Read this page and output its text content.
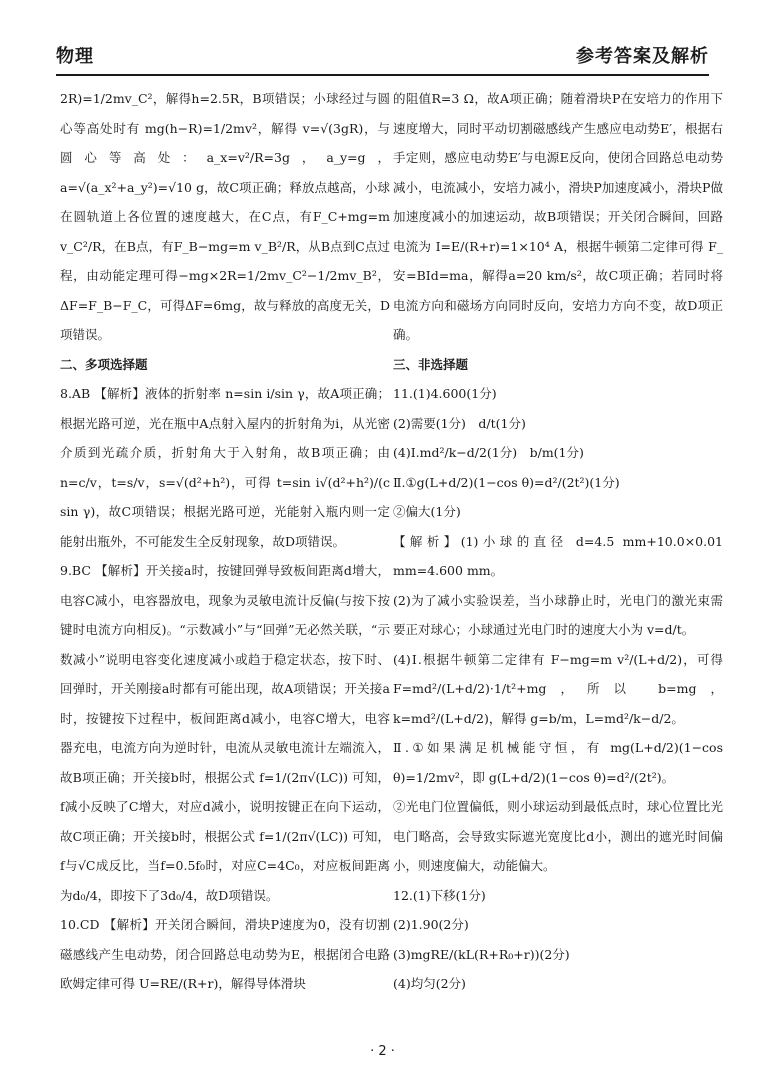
物理	参考答案及解析

2R)=1/2mv_C²，解得h=2.5R，B项错误；小球经过与圆心等高处时有 mg(h−R)=1/2mv²，解得 v=√(3gR)，与圆心等高处：a_x=v²/R=3g，a_y=g，a=√(a_x²+a_y²)=√10 g，故C项正确；释放点越高，小球在圆轨道上各位置的速度越大，在C点，有F_C+mg=m v_C²/R，在B点，有F_B−mg=m v_B²/R，从B点到C点过程，由动能定理可得−mg×2R=1/2mv_C²−1/2mv_B²，ΔF=F_B−F_C，可得ΔF=6mg，故与释放的高度无关，D项错误。

二、多项选择题

8.AB 【解析】液体的折射率 n=sin i/sin γ，故A项正确；根据光路可逆，光在瓶中A点射入屋内的折射角为i，从光密介质到光疏介质，折射角大于入射角，故B项正确；由 n=c/v，t=s/v，s=√(d²+h²)，可得 t=sin i√(d²+h²)/(c sin γ)，故C项错误；根据光路可逆，光能射入瓶内则一定能射出瓶外，不可能发生全反射现象，故D项错误。

9.BC 【解析】开关接a时，按键回弹导致板间距离d增大，电容C减小，电容器放电，现象为灵敏电流计反偏(与按下按键时电流方向相反)。“示数减小”与“回弹”无必然关联，“示数减小”说明电容变化速度减小或趋于稳定状态，按下时、回弹时，开关刚接a时都有可能出现，故A项错误；开关接a时，按键按下过程中，板间距离d减小，电容C增大，电容器充电，电流方向为逆时针，电流从灵敏电流计左端流入，故B项正确；开关接b时，根据公式 f=1/(2π√(LC)) 可知，f减小反映了C增大，对应d减小，说明按键正在向下运动，故C项正确；开关接b时，根据公式 f=1/(2π√(LC)) 可知，f与√C成反比，当f=0.5f₀时，对应C=4C₀，对应板间距离为d₀/4，即按下了3d₀/4，故D项错误。

10.CD 【解析】开关闭合瞬间，滑块P速度为0，没有切割磁感线产生电动势，闭合回路总电动势为E，根据闭合电路欧姆定律可得 U=RE/(R+r)，解得导体滑块

的阻值R=3 Ω，故A项正确；随着滑块P在安培力的作用下速度增大，同时平动切割磁感线产生感应电动势E′，根据右手定则，感应电动势E′与电源E反向，使闭合回路总电动势减小，电流减小，安培力减小，滑块P加速度减小，滑块P做加速度减小的加速运动，故B项错误；开关闭合瞬间，回路电流为 I=E/(R+r)=1×10⁴ A，根据牛顿第二定律可得 F_安=BId=ma，解得a=20 km/s²，故C项正确；若同时将电流方向和磁场方向同时反向，安培力方向不变，故D项正确。

三、非选择题

11.(1)4.600(1分)

(2)需要(1分)　d/t(1分)

(4)Ⅰ.md²/k−d/2(1分)　b/m(1分)

Ⅱ.①g(L+d/2)(1−cos θ)=d²/(2t²)(1分)

②偏大(1分)

【解析】(1)小球的直径 d=4.5 mm+10.0×0.01 mm=4.600 mm。

(2)为了减小实验误差，当小球静止时，光电门的激光束需要正对球心；小球通过光电门时的速度大小为 v=d/t。

(4)Ⅰ.根据牛顿第二定律有 F−mg=m v²/(L+d/2)，可得 F=md²/(L+d/2)·1/t²+mg，所以 b=mg，k=md²/(L+d/2)，解得 g=b/m，L=md²/k−d/2。

Ⅱ.①如果满足机械能守恒，有 mg(L+d/2)(1−cos θ)=1/2mv²，即 g(L+d/2)(1−cos θ)=d²/(2t²)。

②光电门位置偏低，则小球运动到最低点时，球心位置比光电门略高，会导致实际遮光宽度比d小，测出的遮光时间偏小，则速度偏大，动能偏大。

12.(1)下移(1分)

(2)1.90(2分)

(3)mgRE/(kL(R+R₀+r))(2分)

(4)均匀(2分)

· 2 ·
